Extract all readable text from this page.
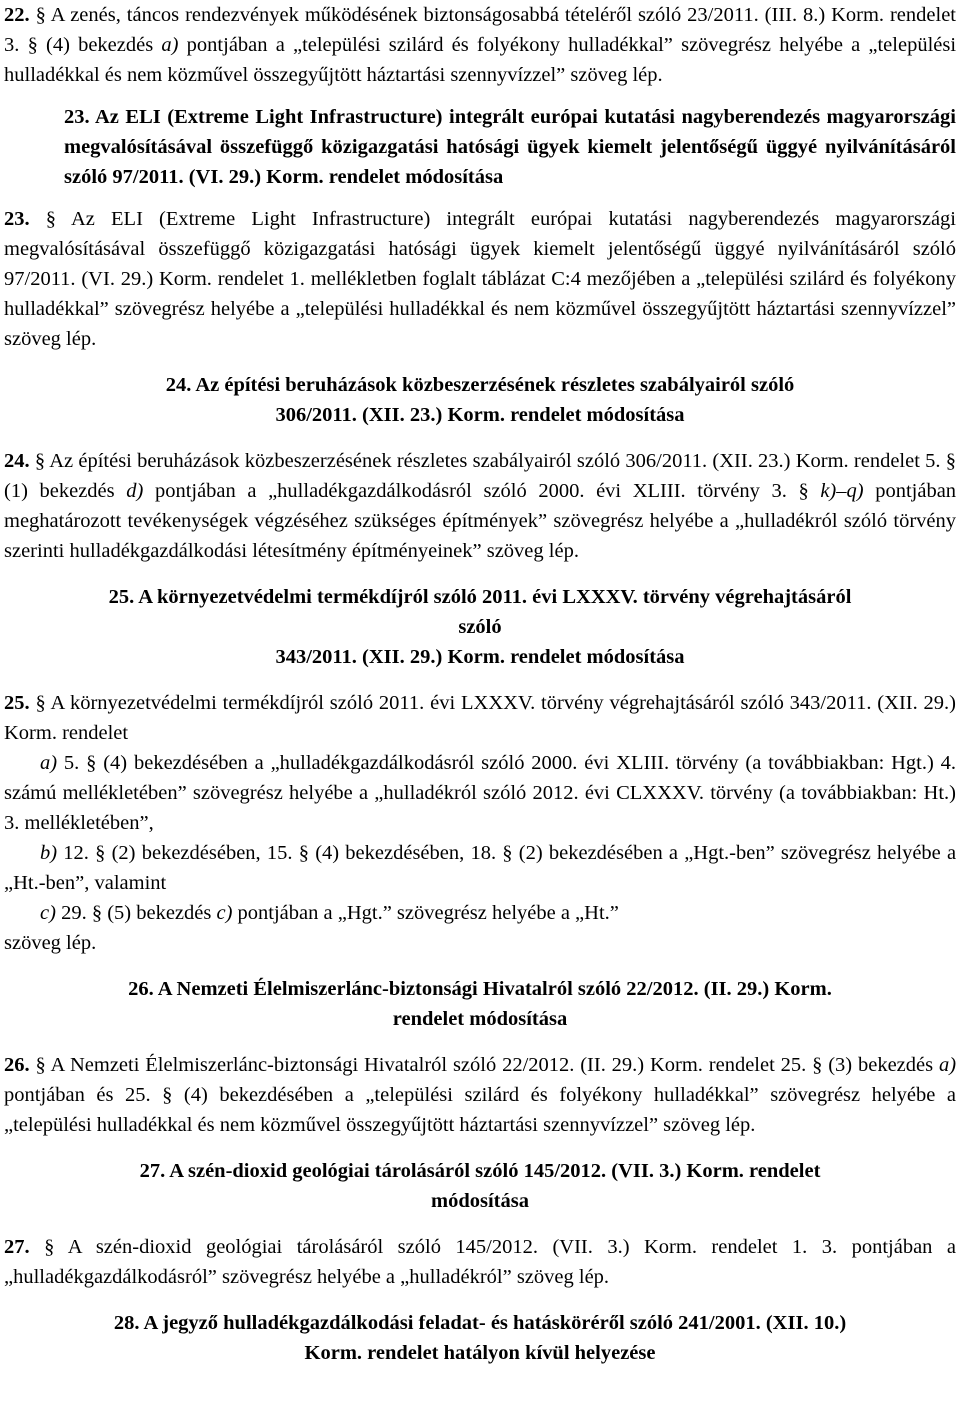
22. § A zenés, táncos rendezvények működésének biztonságosabbá tételéről szóló 23/2011. (III. 8.) Korm. rendelet 3. § (4) bekezdés a) pontjában a „települési szilárd és folyékony hulladékkal” szövegrész helyébe a „települési hulladékkal és nem közművel összegyűjtött háztartási szennyvízzel” szöveg lép.

23. Az ELI (Extreme Light Infrastructure) integrált európai kutatási nagyberendezés magyarországi megvalósításával összefüggő közigazgatási hatósági ügyek kiemelt jelentőségű üggyé nyilvánításáról szóló 97/2011. (VI. 29.) Korm. rendelet módosítása

23. § Az ELI (Extreme Light Infrastructure) integrált európai kutatási nagyberendezés magyarországi megvalósításával összefüggő közigazgatási hatósági ügyek kiemelt jelentőségű üggyé nyilvánításáról szóló 97/2011. (VI. 29.) Korm. rendelet 1. mellékletben foglalt táblázat C:4 mezőjében a „települési szilárd és folyékony hulladékkal” szövegrész helyébe a „települési hulladékkal és nem közművel összegyűjtött háztartási szennyvízzel” szöveg lép.

24. Az építési beruházások közbeszerzésének részletes szabályairól szóló
306/2011. (XII. 23.) Korm. rendelet módosítása

24. § Az építési beruházások közbeszerzésének részletes szabályairól szóló 306/2011. (XII. 23.) Korm. rendelet 5. § (1) bekezdés d) pontjában a „hulladékgazdálkodásról szóló 2000. évi XLIII. törvény 3. § k)–q) pontjában meghatározott tevékenységek végzéséhez szükséges építmények” szövegrész helyébe a „hulladékról szóló törvény szerinti hulladékgazdálkodási létesítmény építményeinek” szöveg lép.

25. A környezetvédelmi termékdíjról szóló 2011. évi LXXXV. törvény végrehajtásáról
szóló
343/2011. (XII. 29.) Korm. rendelet módosítása

25. § A környezetvédelmi termékdíjról szóló 2011. évi LXXXV. törvény végrehajtásáról szóló 343/2011. (XII. 29.) Korm. rendelet

a) 5. § (4) bekezdésében a „hulladékgazdálkodásról szóló 2000. évi XLIII. törvény (a továbbiakban: Hgt.) 4. számú mellékletében” szövegrész helyébe a „hulladékról szóló 2012. évi CLXXXV. törvény (a továbbiakban: Ht.) 3. mellékletében”,

b) 12. § (2) bekezdésében, 15. § (4) bekezdésében, 18. § (2) bekezdésében a „Hgt.-ben” szövegrész helyébe a „Ht.-ben”, valamint

c) 29. § (5) bekezdés c) pontjában a „Hgt.” szövegrész helyébe a „Ht.”

szöveg lép.

26. A Nemzeti Élelmiszerlánc-biztonsági Hivatalról szóló 22/2012. (II. 29.) Korm.
rendelet módosítása

26. § A Nemzeti Élelmiszerlánc-biztonsági Hivatalról szóló 22/2012. (II. 29.) Korm. rendelet 25. § (3) bekezdés a) pontjában és 25. § (4) bekezdésében a „települési szilárd és folyékony hulladékkal” szövegrész helyébe a „települési hulladékkal és nem közművel összegyűjtött háztartási szennyvízzel” szöveg lép.

27. A szén-dioxid geológiai tárolásáról szóló 145/2012. (VII. 3.) Korm. rendelet
módosítása

27. § A szén-dioxid geológiai tárolásáról szóló 145/2012. (VII. 3.) Korm. rendelet 1. 3. pontjában a „hulladékgazdálkodásról” szövegrész helyébe a „hulladékról” szöveg lép.

28. A jegyző hulladékgazdálkodási feladat- és hatásköréről szóló 241/2001. (XII. 10.)
Korm. rendelet hatályon kívül helyezése
